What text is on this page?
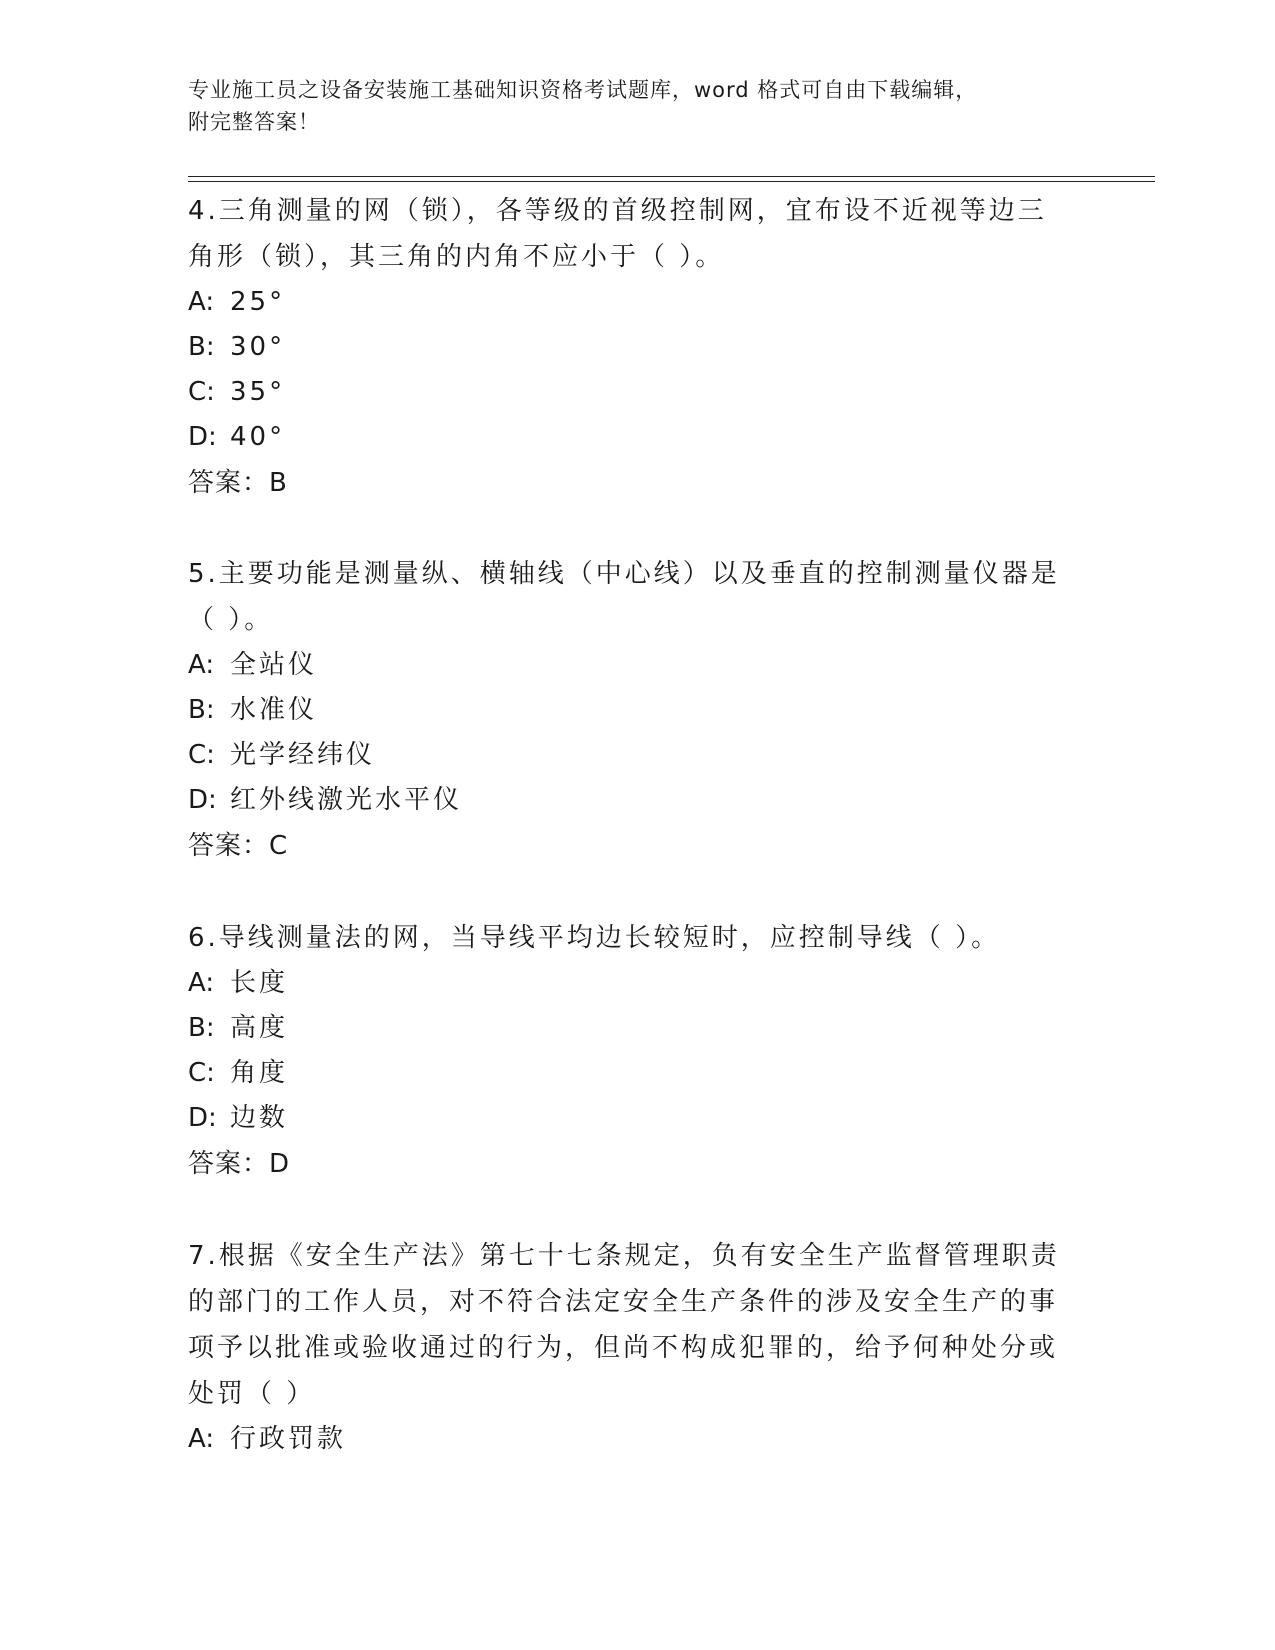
专业施工员之设备安装施工基础知识资格考试题库，word 格式可自由下载编辑，
附完整答案！

4.三角测量的网（锁），各等级的首级控制网，宜布设不近视等边三

角形（锁），其三角的内角不应小于（ ）。

A: 25°

B: 30°

C: 35°

D: 40°

答案：B

5.主要功能是测量纵、横轴线（中心线）以及垂直的控制测量仪器是

（ ）。

A: 全站仪

B: 水准仪

C: 光学经纬仪

D: 红外线激光水平仪

答案：C

6.导线测量法的网，当导线平均边长较短时，应控制导线（ ）。

A: 长度

B: 高度

C: 角度

D: 边数

答案：D

7.根据《安全生产法》第七十七条规定，负有安全生产监督管理职责

的部门的工作人员，对不符合法定安全生产条件的涉及安全生产的事

项予以批准或验收通过的行为，但尚不构成犯罪的，给予何种处分或

处罚（ ）

A: 行政罚款
